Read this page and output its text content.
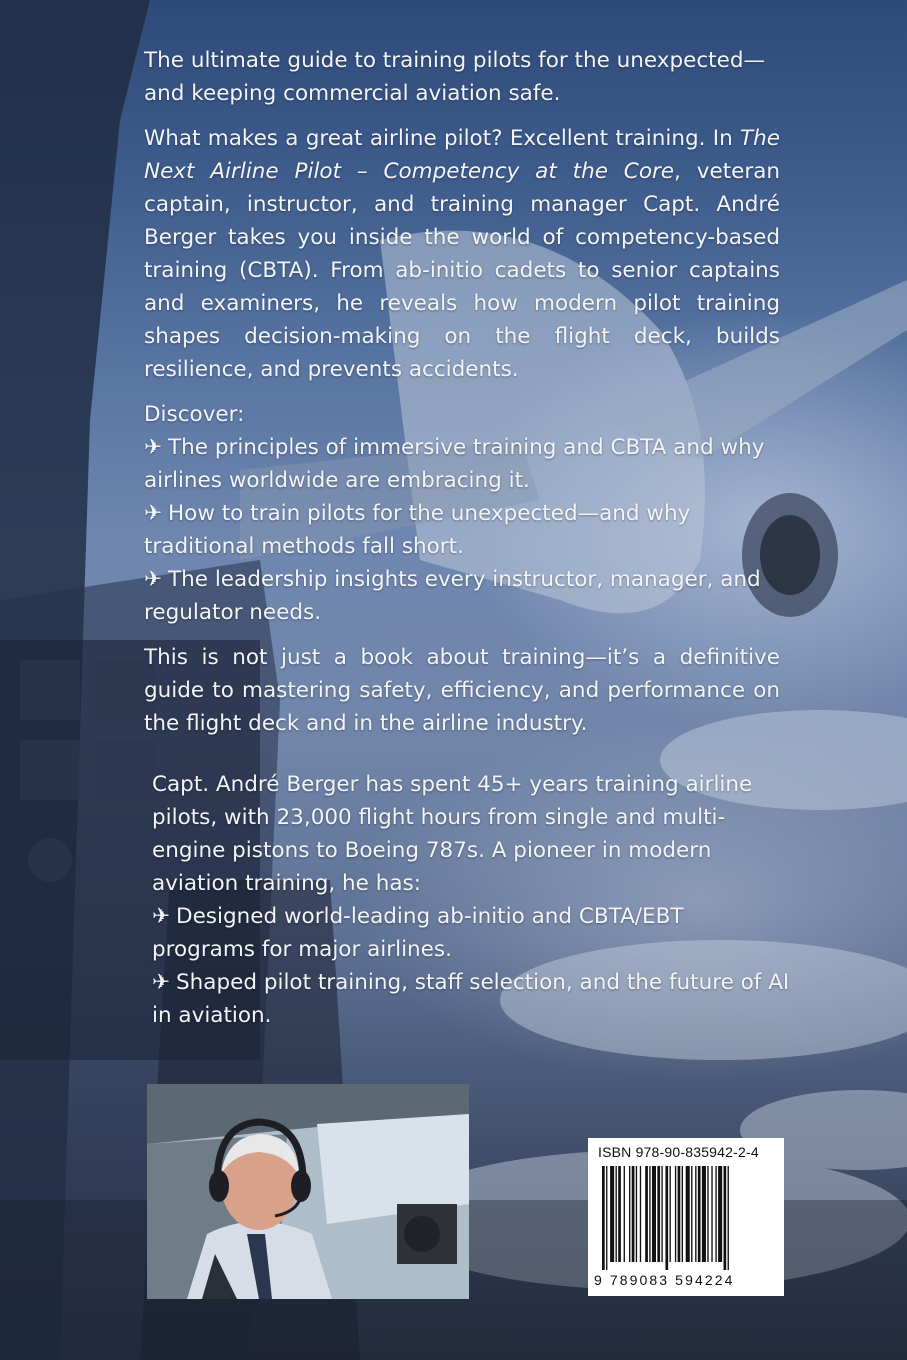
The ultimate guide to training pilots for the unexpected—and keeping commercial aviation safe.

What makes a great airline pilot? Excellent training. In The Next Airline Pilot – Competency at the Core, veteran captain, instructor, and training manager Capt. André Berger takes you inside the world of competency-based training (CBTA). From ab-initio cadets to senior captains and examiners, he reveals how modern pilot training shapes decision-making on the flight deck, builds resilience, and prevents accidents.

Discover:

✈ The principles of immersive training and CBTA and why airlines worldwide are embracing it.

✈ How to train pilots for the unexpected—and why traditional methods fall short.

✈ The leadership insights every instructor, manager, and regulator needs.

This is not just a book about training—it’s a definitive guide to mastering safety, efficiency, and performance on the flight deck and in the airline industry.

Capt. André Berger has spent 45+ years training airline pilots, with 23,000 flight hours from single and multi-engine pistons to Boeing 787s. A pioneer in modern aviation training, he has:

✈ Designed world-leading ab-initio and CBTA/EBT programs for major airlines.

✈ Shaped pilot training, staff selection, and the future of AI in aviation.

ISBN 978-90-835942-2-4
9 789083 594224
